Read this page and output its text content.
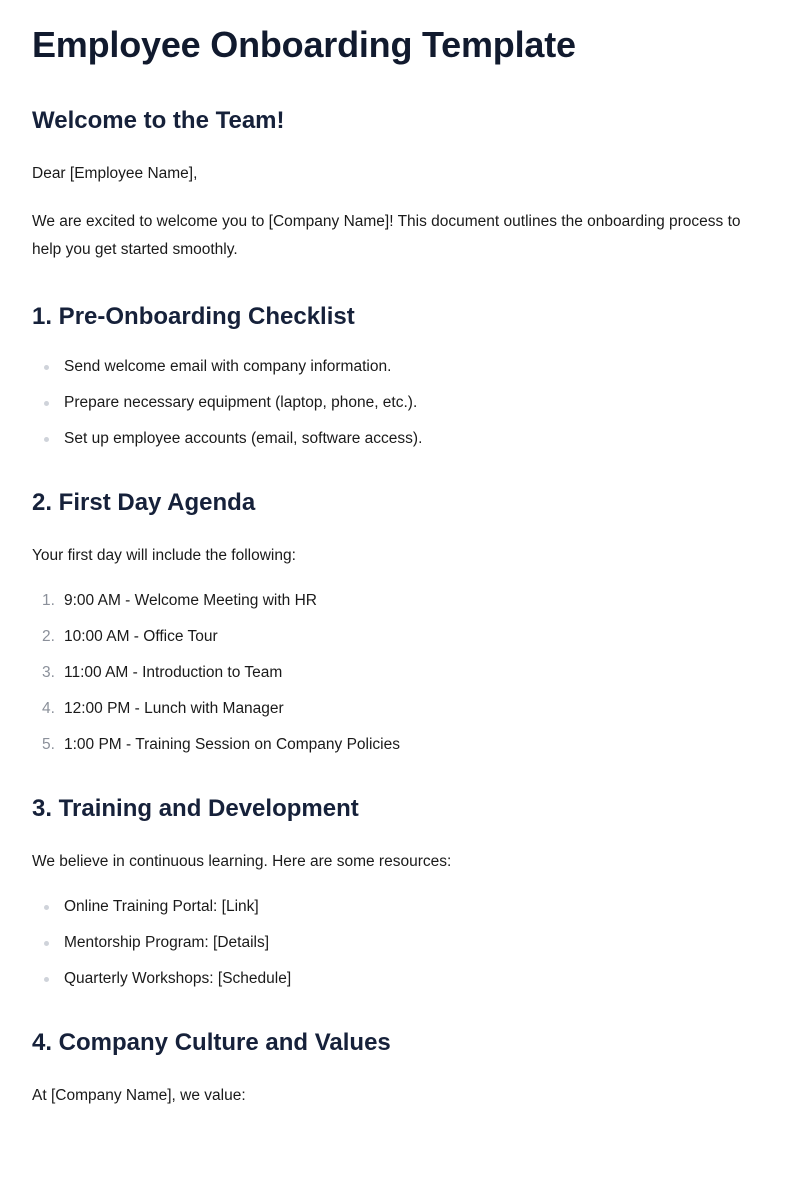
Employee Onboarding Template
Welcome to the Team!

Dear [Employee Name],

We are excited to welcome you to [Company Name]! This document outlines the onboarding process to help you get started smoothly.

1. Pre-Onboarding Checklist
Send welcome email with company information.
Prepare necessary equipment (laptop, phone, etc.).
Set up employee accounts (email, software access).
2. First Day Agenda

Your first day will include the following:

1. 9:00 AM - Welcome Meeting with HR
2. 10:00 AM - Office Tour
3. 11:00 AM - Introduction to Team
4. 12:00 PM - Lunch with Manager
5. 1:00 PM - Training Session on Company Policies
3. Training and Development

We believe in continuous learning. Here are some resources:

Online Training Portal: [Link]
Mentorship Program: [Details]
Quarterly Workshops: [Schedule]
4. Company Culture and Values

At [Company Name], we value:
